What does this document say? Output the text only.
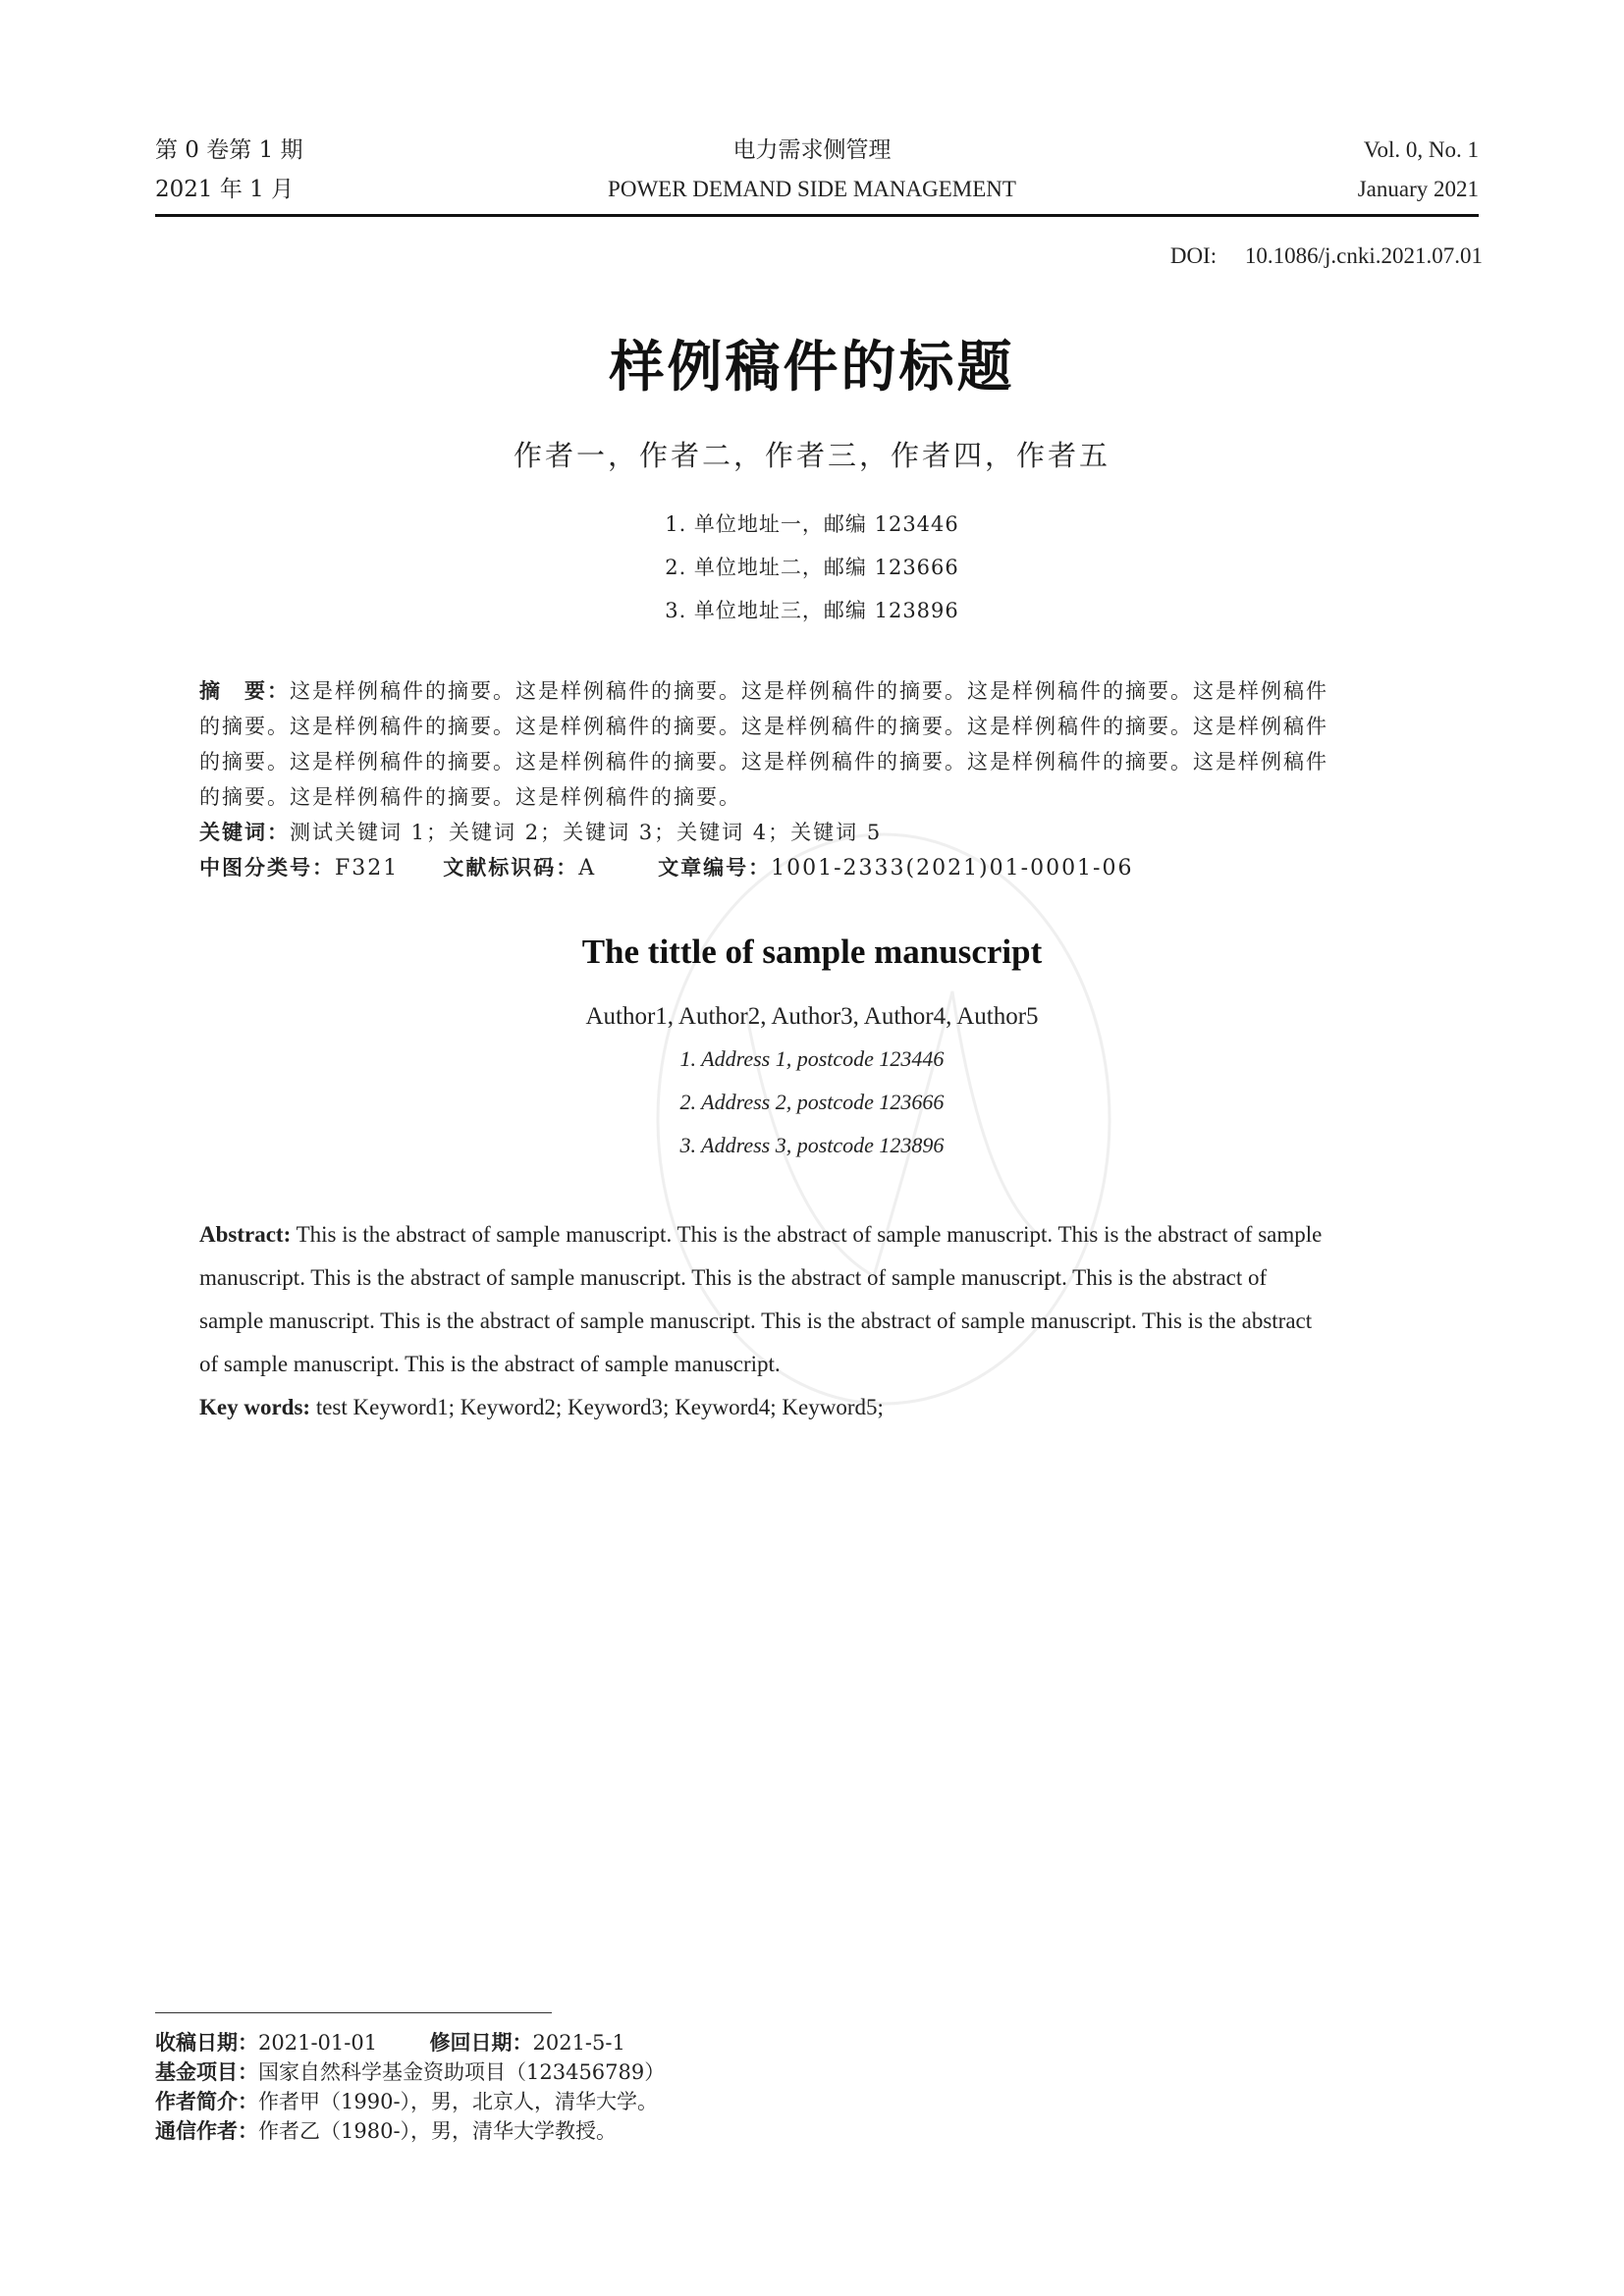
第 0 卷第 1 期
2021 年 1 月
电力需求侧管理
POWER DEMAND SIDE MANAGEMENT
Vol. 0, No. 1
January 2021
DOI: 10.1086/j.cnki.2021.07.01
样例稿件的标题
作者一，作者二，作者三，作者四，作者五
1. 单位地址一，邮编 123446
2. 单位地址二，邮编 123666
3. 单位地址三，邮编 123896
摘　要：这是样例稿件的摘要。这是样例稿件的摘要。这是样例稿件的摘要。这是样例稿件的摘要。这是样例稿件
的摘要。这是样例稿件的摘要。这是样例稿件的摘要。这是样例稿件的摘要。这是样例稿件的摘要。这是样例稿件
的摘要。这是样例稿件的摘要。这是样例稿件的摘要。这是样例稿件的摘要。这是样例稿件的摘要。这是样例稿件
的摘要。这是样例稿件的摘要。这是样例稿件的摘要。
关键词：测试关键词 1；关键词 2；关键词 3；关键词 4；关键词 5
中图分类号：F321 文献标识码：A	文章编号：1001-2333(2021)01-0001-06
The tittle of sample manuscript
Author1, Author2, Author3, Author4, Author5
1. Address 1, postcode 123446
2. Address 2, postcode 123666
3. Address 3, postcode 123896
Abstract: This is the abstract of sample manuscript. This is the abstract of sample manuscript. This is the abstract of sample
manuscript. This is the abstract of sample manuscript. This is the abstract of sample manuscript. This is the abstract of
sample manuscript. This is the abstract of sample manuscript. This is the abstract of sample manuscript. This is the abstract
of sample manuscript. This is the abstract of sample manuscript.
Key words: test Keyword1; Keyword2; Keyword3; Keyword4; Keyword5;
收稿日期：2021-01-01	修回日期：2021-5-1
基金项目：国家自然科学基金资助项目（123456789）
作者简介：作者甲（1990-），男，北京人，清华大学。
通信作者：作者乙（1980-），男，清华大学教授。
